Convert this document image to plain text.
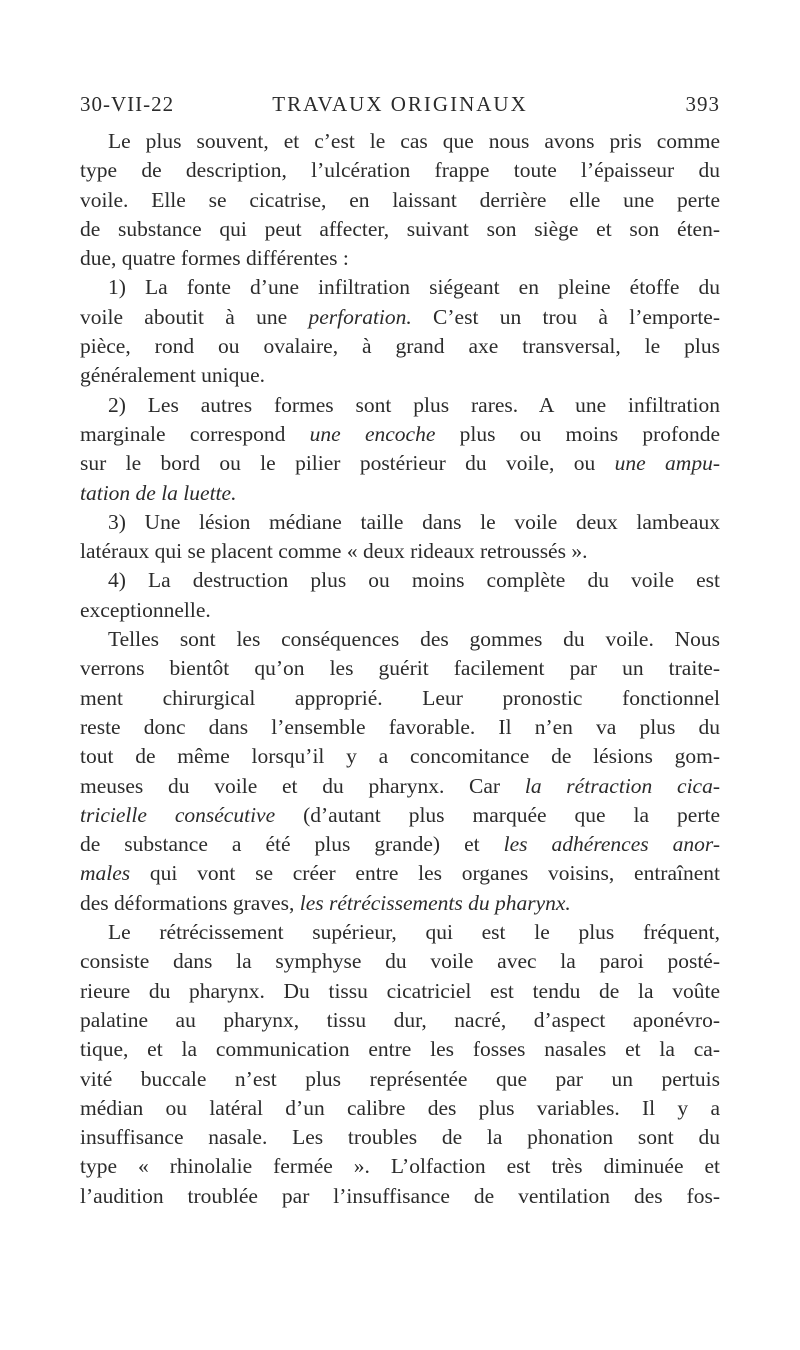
30-VII-22	TRAVAUX ORIGINAUX	393
Le plus souvent, et c’est le cas que nous avons pris comme
type de description, l’ulcération frappe toute l’épaisseur du
voile. Elle se cicatrise, en laissant derrière elle une perte
de substance qui peut affecter, suivant son siège et son éten-
due, quatre formes différentes :
1) La fonte d’une infiltration siégeant en pleine étoffe du
voile aboutit à une perforation. C’est un trou à l’emporte-
pièce, rond ou ovalaire, à grand axe transversal, le plus
généralement unique.
2) Les autres formes sont plus rares. A une infiltration
marginale correspond une encoche plus ou moins profonde
sur le bord ou le pilier postérieur du voile, ou une ampu-
tation de la luette.
3) Une lésion médiane taille dans le voile deux lambeaux
latéraux qui se placent comme « deux rideaux retroussés ».
4) La destruction plus ou moins complète du voile est
exceptionnelle.
Telles sont les conséquences des gommes du voile. Nous
verrons bientôt qu’on les guérit facilement par un traite-
ment chirurgical approprié. Leur pronostic fonctionnel
reste donc dans l’ensemble favorable. Il n’en va plus du
tout de même lorsqu’il y a concomitance de lésions gom-
meuses du voile et du pharynx. Car la rétraction cica-
tricielle consécutive (d’autant plus marquée que la perte
de substance a été plus grande) et les adhérences anor-
males qui vont se créer entre les organes voisins, entraînent
des déformations graves, les rétrécissements du pharynx.
Le rétrécissement supérieur, qui est le plus fréquent,
consiste dans la symphyse du voile avec la paroi posté-
rieure du pharynx. Du tissu cicatriciel est tendu de la voûte
palatine au pharynx, tissu dur, nacré, d’aspect aponévro-
tique, et la communication entre les fosses nasales et la ca-
vité buccale n’est plus représentée que par un pertuis
médian ou latéral d’un calibre des plus variables. Il y a
insuffisance nasale. Les troubles de la phonation sont du
type « rhinolalie fermée ». L’olfaction est très diminuée et
l’audition troublée par l’insuffisance de ventilation des fos-
